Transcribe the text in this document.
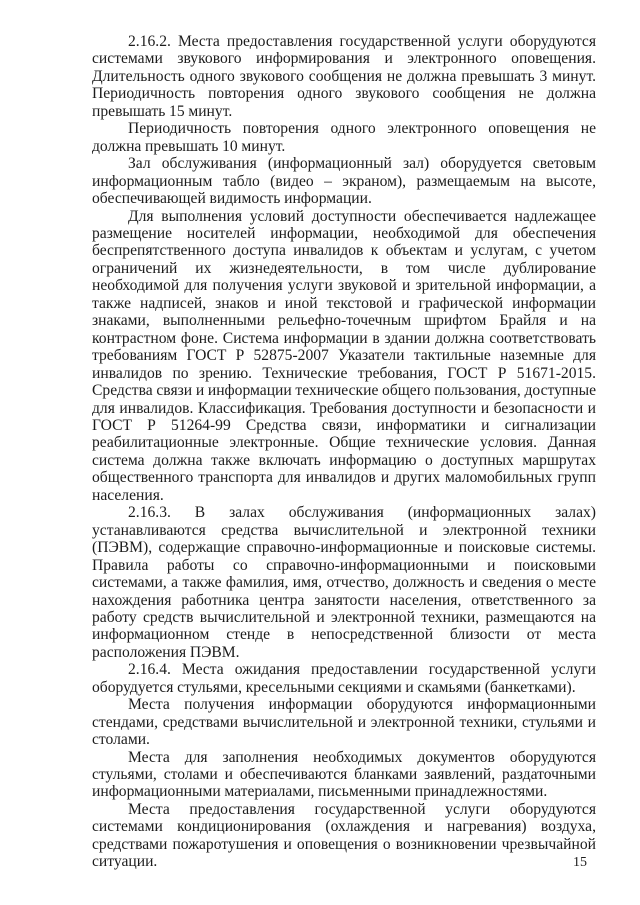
2.16.2. Места предоставления государственной услуги оборудуются системами звукового информирования и электронного оповещения. Длительность одного звукового сообщения не должна превышать 3 минут. Периодичность повторения одного звукового сообщения не должна превышать 15 минут.

Периодичность повторения одного электронного оповещения не должна превышать 10 минут.

Зал обслуживания (информационный зал) оборудуется световым информационным табло (видео – экраном), размещаемым на высоте, обеспечивающей видимость информации.

Для выполнения условий доступности обеспечивается надлежащее размещение носителей информации, необходимой для обеспечения беспрепятственного доступа инвалидов к объектам и услугам, с учетом ограничений их жизнедеятельности, в том числе дублирование необходимой для получения услуги звуковой и зрительной информации, а также надписей, знаков и иной текстовой и графической информации знаками, выполненными рельефно-точечным шрифтом Брайля и на контрастном фоне. Система информации в здании должна соответствовать требованиям ГОСТ Р 52875-2007 Указатели тактильные наземные для инвалидов по зрению. Технические требования, ГОСТ Р 51671-2015. Средства связи и информации технические общего пользования, доступные для инвалидов. Классификация. Требования доступности и безопасности и ГОСТ Р 51264-99 Средства связи, информатики и сигнализации реабилитационные электронные. Общие технические условия. Данная система должна также включать информацию о доступных маршрутах общественного транспорта для инвалидов и других маломобильных групп населения.

2.16.3. В залах обслуживания (информационных залах) устанавливаются средства вычислительной и электронной техники (ПЭВМ), содержащие справочно-информационные и поисковые системы. Правила работы со справочно-информационными и поисковыми системами, а также фамилия, имя, отчество, должность и сведения о месте нахождения работника центра занятости населения, ответственного за работу средств вычислительной и электронной техники, размещаются на информационном стенде в непосредственной близости от места расположения ПЭВМ.

2.16.4. Места ожидания предоставлении государственной услуги оборудуется стульями, кресельными секциями и скамьями (банкетками).

Места получения информации оборудуются информационными стендами, средствами вычислительной и электронной техники, стульями и столами.

Места для заполнения необходимых документов оборудуются стульями, столами и обеспечиваются бланками заявлений, раздаточными информационными материалами, письменными принадлежностями.

Места предоставления государственной услуги оборудуются системами кондиционирования (охлаждения и нагревания) воздуха, средствами пожаротушения и оповещения о возникновении чрезвычайной ситуации.	15
